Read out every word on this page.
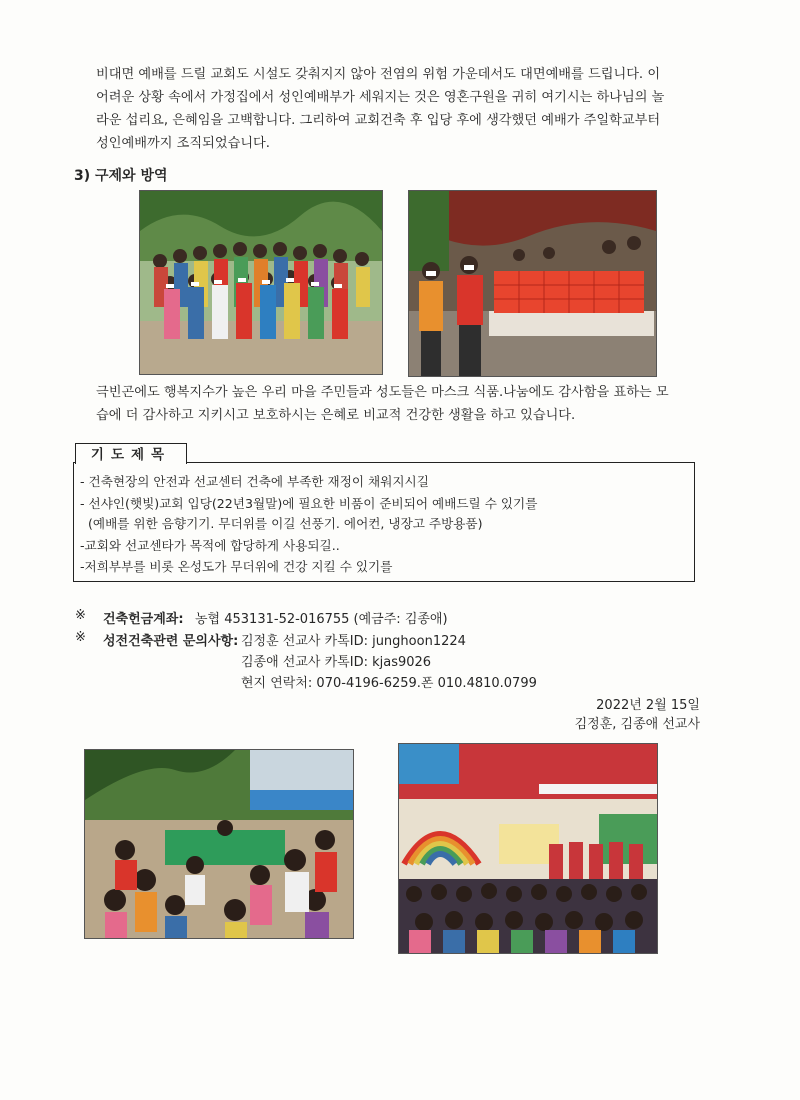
비대면 예배를 드릴 교회도 시설도 갖춰지지 않아 전염의 위험 가운데서도 대면예배를 드립니다. 이
어려운 상황 속에서 가정집에서 성인예배부가 세워지는 것은 영혼구원을 귀히 여기시는 하나님의 놀
라운 섭리요, 은혜임을 고백합니다. 그리하여 교회건축 후 입당 후에 생각했던 예배가 주일학교부터
성인예배까지 조직되었습니다.
3) 구제와 방역
극빈곤에도 행복지수가 높은 우리 마을 주민들과 성도들은 마스크 식품.나눔에도 감사함을 표하는 모
습에 더 감사하고 지키시고 보호하시는 은혜로 비교적 건강한 생활을 하고 있습니다.
기도제목
- 건축현장의 안전과 선교센터 건축에 부족한 재정이 채워지시길
- 선샤인(햇빛)교회 입당(22년3월말)에 필요한 비품이 준비되어 예배드릴 수 있기를
(예배를 위한 음향기기. 무더위를 이길 선풍기. 에어컨, 냉장고 주방용품)
-교회와 선교센타가 목적에 합당하게 사용되길..
-저희부부를 비롯 온성도가 무더위에 건강 지킬 수 있기를
※ 건축헌금계좌: 농협 453131-52-016755 (예금주: 김종애)
※ 성전건축관련 문의사항: 김정훈 선교사 카톡ID: junghoon1224
김종애 선교사 카톡ID: kjas9026
현지 연락처: 070-4196-6259.폰 010.4810.0799
2022년 2월 15일
김정훈, 김종애 선교사
